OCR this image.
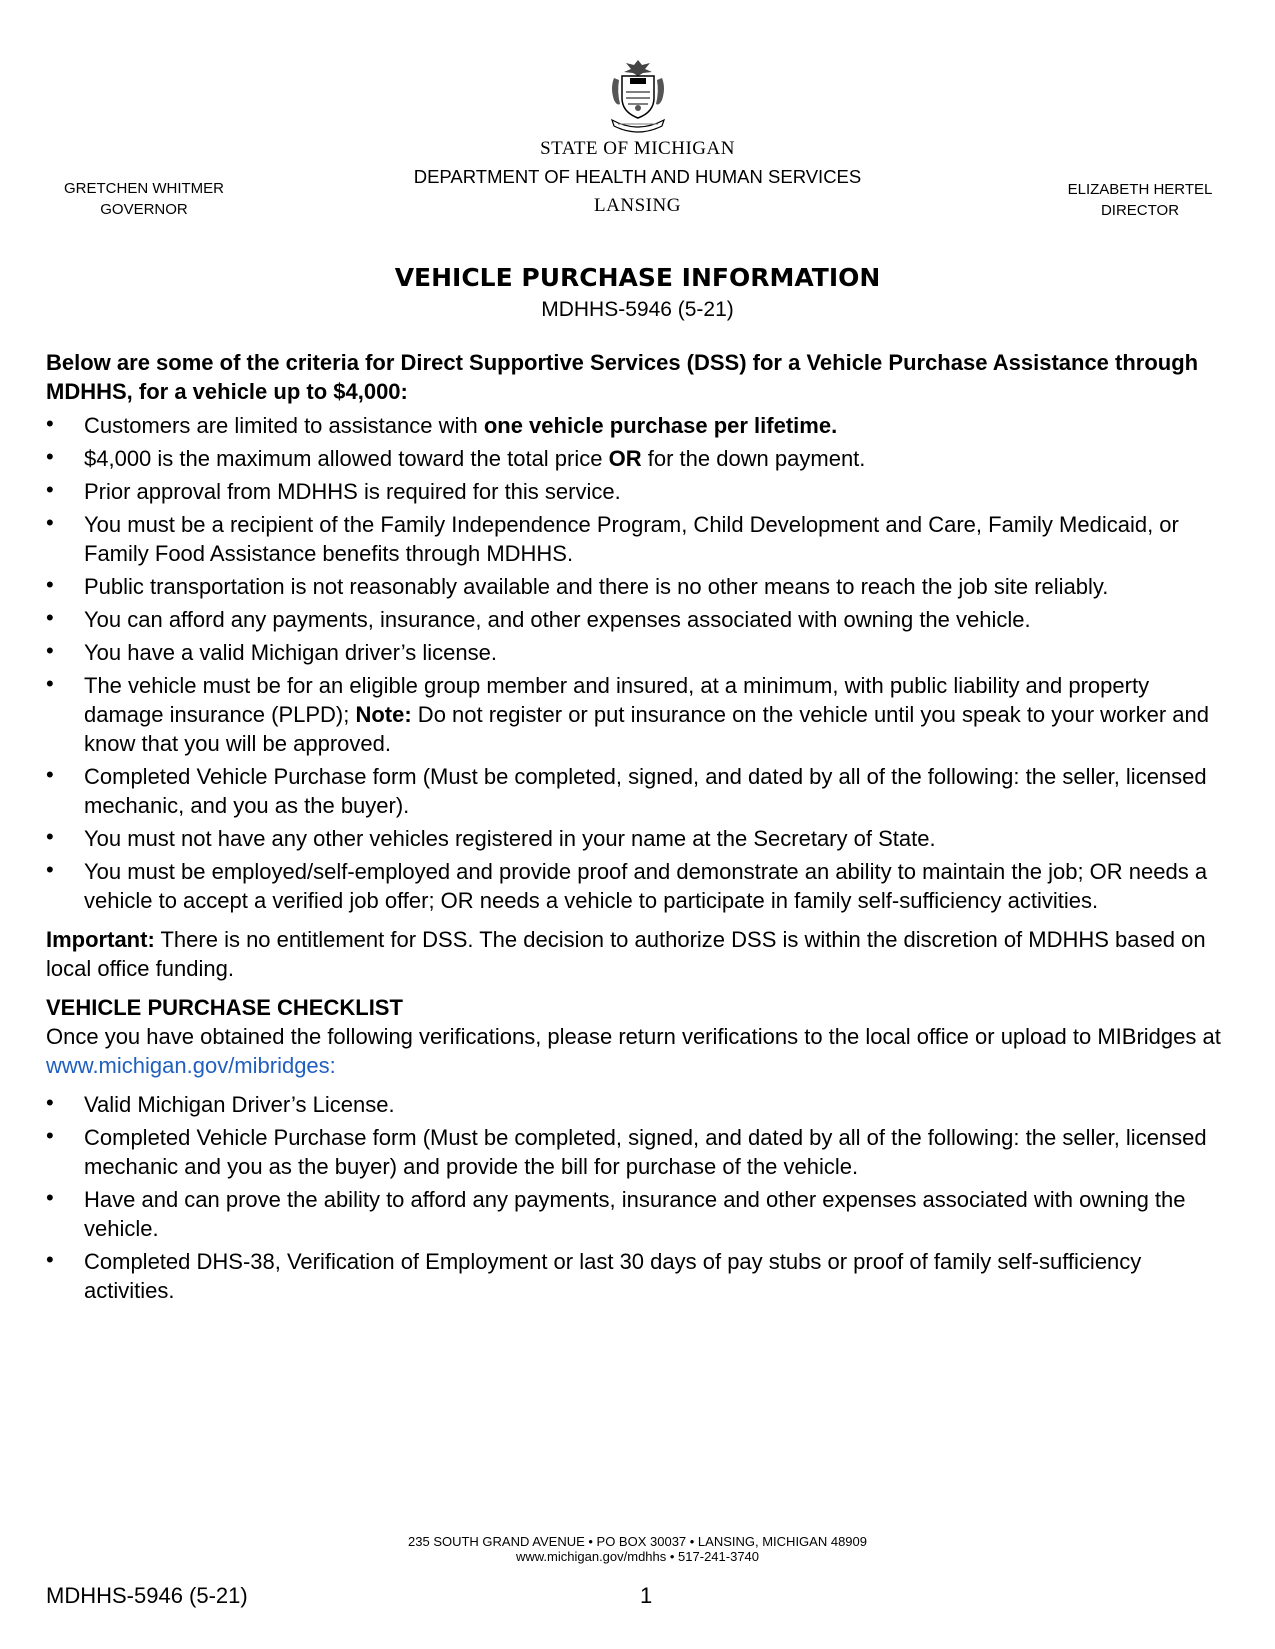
STATE OF MICHIGAN
DEPARTMENT OF HEALTH AND HUMAN SERVICES
LANSING
GRETCHEN WHITMER
GOVERNOR
ELIZABETH HERTEL
DIRECTOR
VEHICLE PURCHASE INFORMATION
MDHHS-5946 (5-21)
Below are some of the criteria for Direct Supportive Services (DSS) for a Vehicle Purchase Assistance through MDHHS, for a vehicle up to $4,000:
• Customers are limited to assistance with one vehicle purchase per lifetime.
• $4,000 is the maximum allowed toward the total price OR for the down payment.
• Prior approval from MDHHS is required for this service.
• You must be a recipient of the Family Independence Program, Child Development and Care, Family Medicaid, or Family Food Assistance benefits through MDHHS.
• Public transportation is not reasonably available and there is no other means to reach the job site reliably.
• You can afford any payments, insurance, and other expenses associated with owning the vehicle.
• You have a valid Michigan driver’s license.
• The vehicle must be for an eligible group member and insured, at a minimum, with public liability and property damage insurance (PLPD); Note: Do not register or put insurance on the vehicle until you speak to your worker and know that you will be approved.
• Completed Vehicle Purchase form (Must be completed, signed, and dated by all of the following: the seller, licensed mechanic, and you as the buyer).
• You must not have any other vehicles registered in your name at the Secretary of State.
• You must be employed/self-employed and provide proof and demonstrate an ability to maintain the job; OR needs a vehicle to accept a verified job offer; OR needs a vehicle to participate in family self-sufficiency activities.
Important: There is no entitlement for DSS. The decision to authorize DSS is within the discretion of MDHHS based on local office funding.
VEHICLE PURCHASE CHECKLIST
Once you have obtained the following verifications, please return verifications to the local office or upload to MIBridges at www.michigan.gov/mibridges:
• Valid Michigan Driver’s License.
• Completed Vehicle Purchase form (Must be completed, signed, and dated by all of the following: the seller, licensed mechanic and you as the buyer) and provide the bill for purchase of the vehicle.
• Have and can prove the ability to afford any payments, insurance and other expenses associated with owning the vehicle.
• Completed DHS-38, Verification of Employment or last 30 days of pay stubs or proof of family self-sufficiency activities.
235 SOUTH GRAND AVENUE • PO BOX 30037 • LANSING, MICHIGAN 48909
www.michigan.gov/mdhhs • 517-241-3740
MDHHS-5946 (5-21)	1
